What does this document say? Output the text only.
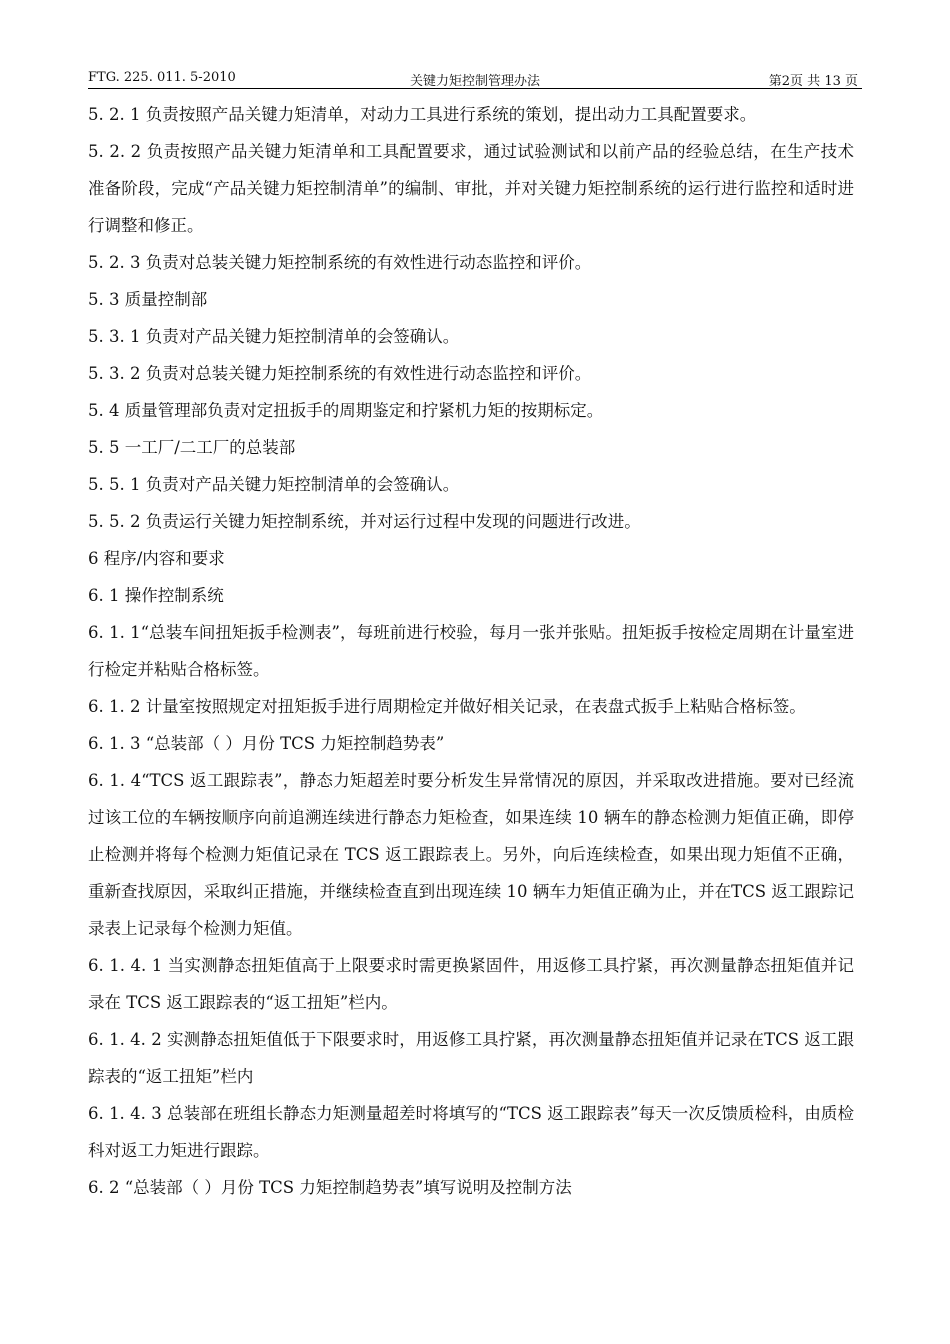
FTG. 225. 011. 5-2010	关键力矩控制管理办法	第2页 共 13 页

5. 2. 1 负责按照产品关键力矩清单，对动力工具进行系统的策划，提出动力工具配置要求。

5. 2. 2 负责按照产品关键力矩清单和工具配置要求，通过试验测试和以前产品的经验总结，在生产技术准备阶段，完成“产品关键力矩控制清单”的编制、审批，并对关键力矩控制系统的运行进行监控和适时进行调整和修正。

5. 2. 3 负责对总装关键力矩控制系统的有效性进行动态监控和评价。

5. 3 质量控制部

5. 3. 1 负责对产品关键力矩控制清单的会签确认。

5. 3. 2 负责对总装关键力矩控制系统的有效性进行动态监控和评价。

5. 4 质量管理部负责对定扭扳手的周期鉴定和拧紧机力矩的按期标定。

5. 5 一工厂/二工厂的总装部

5. 5. 1 负责对产品关键力矩控制清单的会签确认。

5. 5. 2 负责运行关键力矩控制系统，并对运行过程中发现的问题进行改进。

6 程序/内容和要求

6. 1 操作控制系统

6. 1. 1“总装车间扭矩扳手检测表”，每班前进行校验，每月一张并张贴。扭矩扳手按检定周期在计量室进行检定并粘贴合格标签。

6. 1. 2 计量室按照规定对扭矩扳手进行周期检定并做好相关记录，在表盘式扳手上粘贴合格标签。

6. 1. 3 “总装部（ ）月份 TCS 力矩控制趋势表”

6. 1. 4“TCS 返工跟踪表”，静态力矩超差时要分析发生异常情况的原因，并采取改进措施。要对已经流过该工位的车辆按顺序向前追溯连续进行静态力矩检查，如果连续 10 辆车的静态检测力矩值正确，即停止检测并将每个检测力矩值记录在 TCS 返工跟踪表上。另外，向后连续检查，如果出现力矩值不正确，重新查找原因，采取纠正措施，并继续检查直到出现连续 10 辆车力矩值正确为止，并在TCS 返工跟踪记录表上记录每个检测力矩值。

6. 1. 4. 1 当实测静态扭矩值高于上限要求时需更换紧固件，用返修工具拧紧，再次测量静态扭矩值并记录在 TCS 返工跟踪表的“返工扭矩”栏内。

6. 1. 4. 2 实测静态扭矩值低于下限要求时，用返修工具拧紧，再次测量静态扭矩值并记录在TCS 返工跟踪表的“返工扭矩”栏内

6. 1. 4. 3 总装部在班组长静态力矩测量超差时将填写的“TCS 返工跟踪表”每天一次反馈质检科，由质检科对返工力矩进行跟踪。

6. 2 “总装部（ ）月份 TCS 力矩控制趋势表”填写说明及控制方法
